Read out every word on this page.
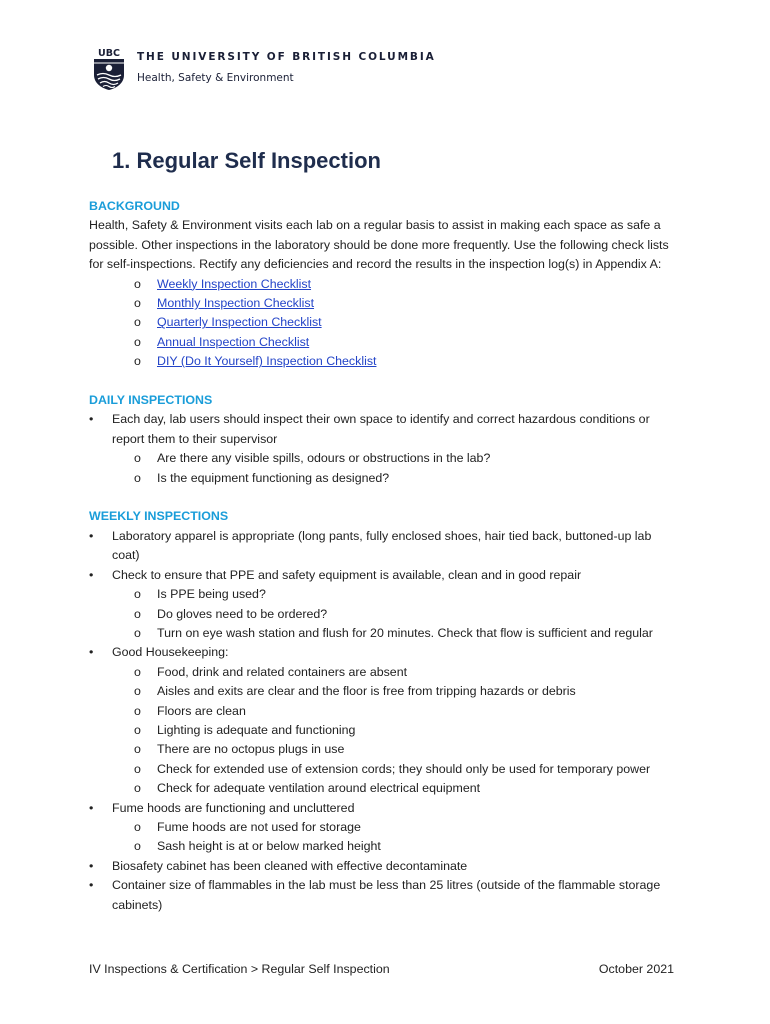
UBC THE UNIVERSITY OF BRITISH COLUMBIA
Health, Safety & Environment
1. Regular Self Inspection

BACKGROUND

Health, Safety & Environment visits each lab on a regular basis to assist in making each space as safe a possible. Other inspections in the laboratory should be done more frequently. Use the following check lists for self-inspections. Rectify any deficiencies and record the results in the inspection log(s) in Appendix A:

o Weekly Inspection Checklist
o Monthly Inspection Checklist
o Quarterly Inspection Checklist
o Annual Inspection Checklist
o DIY (Do It Yourself) Inspection Checklist

DAILY INSPECTIONS

• Each day, lab users should inspect their own space to identify and correct hazardous conditions or report them to their supervisor
o Are there any visible spills, odours or obstructions in the lab?
o Is the equipment functioning as designed?

WEEKLY INSPECTIONS

• Laboratory apparel is appropriate (long pants, fully enclosed shoes, hair tied back, buttoned-up lab coat)
• Check to ensure that PPE and safety equipment is available, clean and in good repair
o Is PPE being used?
o Do gloves need to be ordered?
o Turn on eye wash station and flush for 20 minutes. Check that flow is sufficient and regular
• Good Housekeeping:
o Food, drink and related containers are absent
o Aisles and exits are clear and the floor is free from tripping hazards or debris
o Floors are clean
o Lighting is adequate and functioning
o There are no octopus plugs in use
o Check for extended use of extension cords; they should only be used for temporary power
o Check for adequate ventilation around electrical equipment
• Fume hoods are functioning and uncluttered
o Fume hoods are not used for storage
o Sash height is at or below marked height
• Biosafety cabinet has been cleaned with effective decontaminate
• Container size of flammables in the lab must be less than 25 litres (outside of the flammable storage cabinets)
IV Inspections & Certification > Regular Self Inspection	October 2021
